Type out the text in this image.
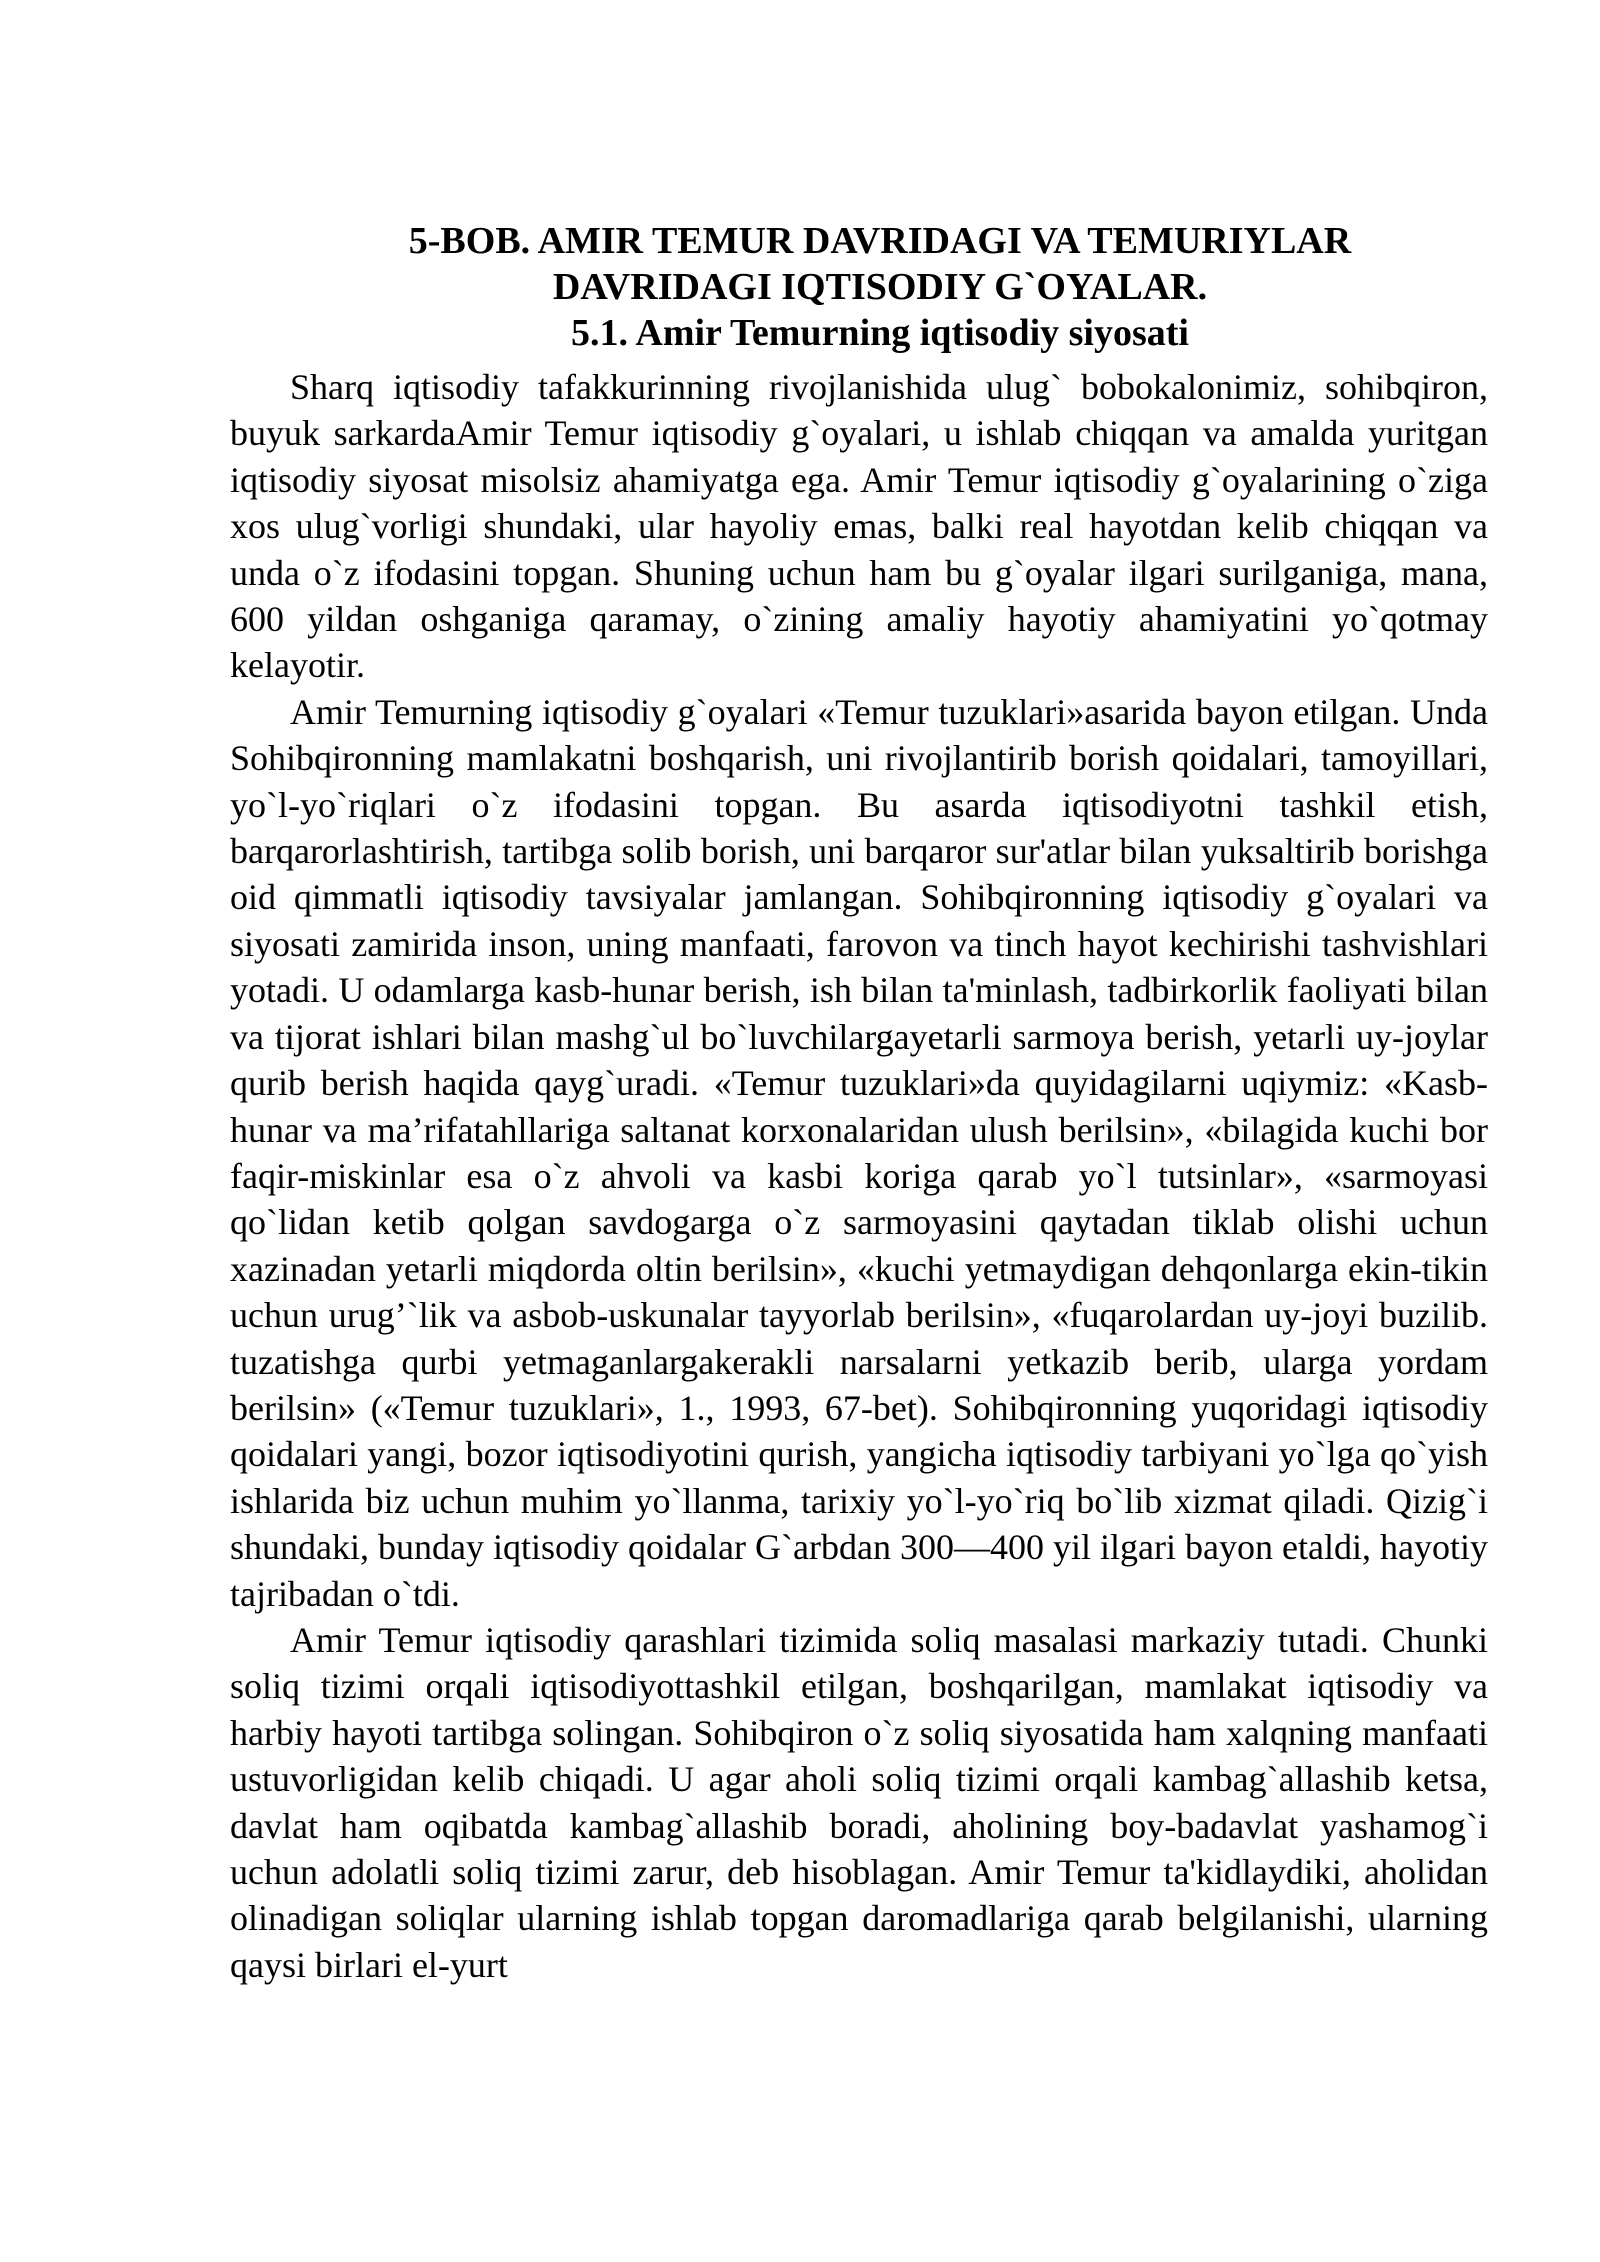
5-BOB. AMIR TEMUR DAVRIDAGI VA TEMURIYLAR
DAVRIDAGI IQTISODIY G`OYALAR.
5.1. Amir Temurning iqtisodiy siyosati

Sharq iqtisodiy tafakkurinning rivojlanishida ulug` bobokalonimiz, sohibqiron, buyuk sarkardaAmir Temur iqtisodiy g`oyalari, u ishlab chiqqan va amalda yuritgan iqtisodiy siyosat misolsiz ahamiyatga ega. Amir Temur iqtisodiy g`oyalarining o`ziga xos ulug`vorligi shundaki, ular hayoliy emas, balki real hayotdan kelib chiqqan va unda o`z ifodasini topgan. Shuning uchun ham bu g`oyalar ilgari surilganiga, mana, 600 yildan oshganiga qaramay, o`zining amaliy hayotiy ahamiyatini yo`qotmay kelayotir.

Amir Temurning iqtisodiy g`oyalari «Temur tuzuklari»asarida bayon etilgan. Unda Sohibqironning mamlakatni boshqarish, uni rivojlantirib borish qoidalari, tamoyillari, yo`l-yo`riqlari o`z ifodasini topgan. Bu asarda iqtisodiyotni tashkil etish, barqarorlashtirish, tartibga solib borish, uni barqaror sur'atlar bilan yuksaltirib borishga oid qimmatli iqtisodiy tavsiyalar jamlangan. Sohibqironning iqtisodiy g`oyalari va siyosati zamirida inson, uning manfaati, farovon va tinch hayot kechirishi tashvishlari yotadi. U odamlarga kasb-hunar berish, ish bilan ta'minlash, tadbirkorlik faoliyati bilan va tijorat ishlari bilan mashg`ul bo`luvchilargayetarli sarmoya berish, yetarli uy-joylar qurib berish haqida qayg`uradi. «Temur tuzuklari»da quyidagilarni uqiymiz: «Kasb-hunar va ma’rifatahllariga saltanat korxonalaridan ulush berilsin», «bilagida kuchi bor faqir-miskinlar esa o`z ahvoli va kasbi koriga qarab yo`l tutsinlar», «sarmoyasi qo`lidan ketib qolgan savdogarga o`z sarmoyasini qaytadan tiklab olishi uchun xazinadan yetarli miqdorda oltin berilsin», «kuchi yetmaydigan dehqonlarga ekin-tikin uchun urug’`lik va asbob-uskunalar tayyorlab berilsin», «fuqarolardan uy-joyi buzilib. tuzatishga qurbi yetmaganlargakerakli narsalarni yetkazib berib, ularga yordam berilsin» («Temur tuzuklari», 1., 1993, 67-bet). Sohibqironning yuqoridagi iqtisodiy qoidalari yangi, bozor iqtisodiyotini qurish, yangicha iqtisodiy tarbiyani yo`lga qo`yish ishlarida biz uchun muhim yo`llanma, tarixiy yo`l-yo`riq bo`lib xizmat qiladi. Qizig`i shundaki, bunday iqtisodiy qoidalar G`arbdan 300—400 yil ilgari bayon etaldi, hayotiy tajribadan o`tdi.

Amir Temur iqtisodiy qarashlari tizimida soliq masalasi markaziy tutadi. Chunki soliq tizimi orqali iqtisodiyottashkil etilgan, boshqarilgan, mamlakat iqtisodiy va harbiy hayoti tartibga solingan. Sohibqiron o`z soliq siyosatida ham xalqning manfaati ustuvorligidan kelib chiqadi. U agar aholi soliq tizimi orqali kambag`allashib ketsa, davlat ham oqibatda kambag`allashib boradi, aholining boy-badavlat yashamog`i uchun adolatli soliq tizimi zarur, deb hisoblagan. Amir Temur ta'kidlaydiki, aholidan olinadigan soliqlar ularning ishlab topgan daromadlariga qarab belgilanishi, ularning qaysi birlari el-yurt
